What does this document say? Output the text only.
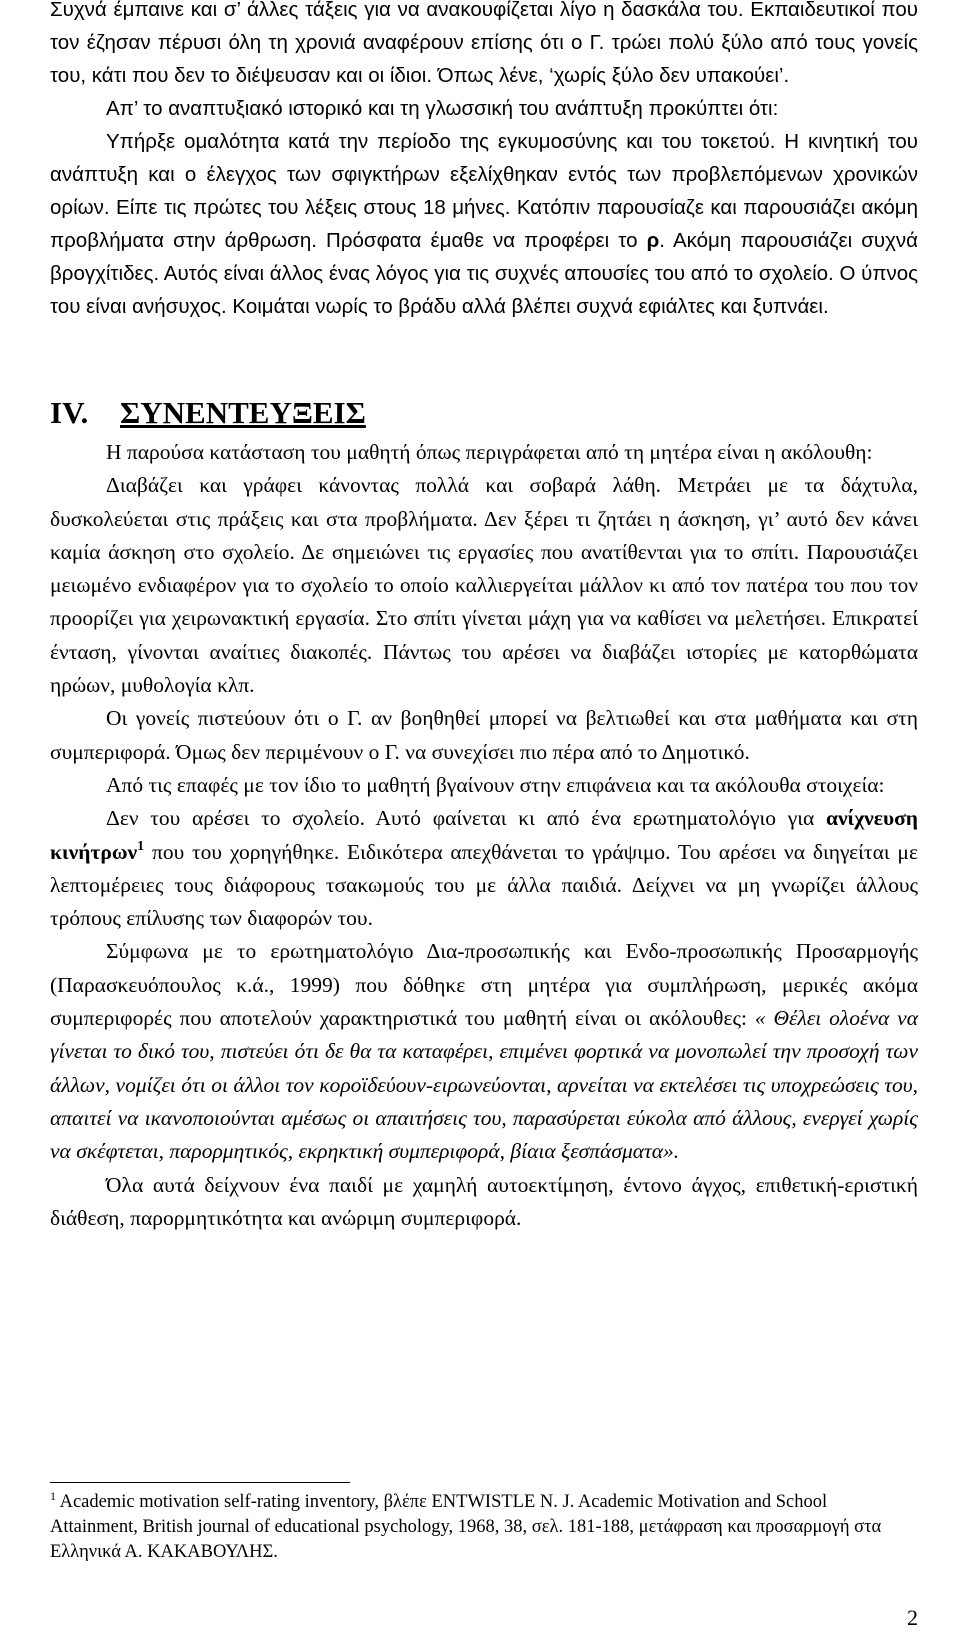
Συχνά έμπαινε και σ’ άλλες τάξεις για να ανακουφίζεται λίγο η δασκάλα του. Εκπαιδευτικοί που τον έζησαν πέρυσι όλη τη χρονιά αναφέρουν επίσης ότι ο Γ. τρώει πολύ ξύλο από τους γονείς του, κάτι που δεν το διέψευσαν και οι ίδιοι. Όπως λένε, ‘χωρίς ξύλο δεν υπακούει’.

Απ’ το αναπτυξιακό ιστορικό και τη γλωσσική του ανάπτυξη προκύπτει ότι:

Υπήρξε ομαλότητα κατά την περίοδο της εγκυμοσύνης και του τοκετού. Η κινητική του ανάπτυξη και ο έλεγχος των σφιγκτήρων εξελίχθηκαν εντός των προβλεπόμενων χρονικών ορίων. Είπε τις πρώτες του λέξεις στους 18 μήνες. Κατόπιν παρουσίαζε και παρουσιάζει ακόμη προβλήματα στην άρθρωση. Πρόσφατα έμαθε να προφέρει το ρ. Ακόμη παρουσιάζει συχνά βρογχίτιδες. Αυτός είναι άλλος ένας λόγος για τις συχνές απουσίες του από το σχολείο. Ο ύπνος του είναι ανήσυχος. Κοιμάται νωρίς το βράδυ αλλά βλέπει συχνά εφιάλτες και ξυπνάει.

IV. ΣΥΝΕΝΤΕΥΞΕΙΣ

Η παρούσα κατάσταση του μαθητή όπως περιγράφεται από τη μητέρα είναι η ακόλουθη:

Διαβάζει και γράφει κάνοντας πολλά και σοβαρά λάθη. Μετράει με τα δάχτυλα, δυσκολεύεται στις πράξεις και στα προβλήματα. Δεν ξέρει τι ζητάει η άσκηση, γι’ αυτό δεν κάνει καμία άσκηση στο σχολείο. Δε σημειώνει τις εργασίες που ανατίθενται για το σπίτι. Παρουσιάζει μειωμένο ενδιαφέρον για το σχολείο το οποίο καλλιεργείται μάλλον κι από τον πατέρα του που τον προορίζει για χειρωνακτική εργασία. Στο σπίτι γίνεται μάχη για να καθίσει να μελετήσει. Επικρατεί ένταση, γίνονται αναίτιες διακοπές. Πάντως του αρέσει να διαβάζει ιστορίες με κατορθώματα ηρώων, μυθολογία κλπ.

Οι γονείς πιστεύουν ότι ο Γ. αν βοηθηθεί μπορεί να βελτιωθεί και στα μαθήματα και στη συμπεριφορά. Όμως δεν περιμένουν ο Γ. να συνεχίσει πιο πέρα από το Δημοτικό.

Από τις επαφές με τον ίδιο το μαθητή βγαίνουν στην επιφάνεια και τα ακόλουθα στοιχεία:

Δεν του αρέσει το σχολείο. Αυτό φαίνεται κι από ένα ερωτηματολόγιο για ανίχνευση κινήτρων$^1$ που του χορηγήθηκε. Ειδικότερα απεχθάνεται το γράψιμο. Του αρέσει να διηγείται με λεπτομέρειες τους διάφορους τσακωμούς του με άλλα παιδιά. Δείχνει να μη γνωρίζει άλλους τρόπους επίλυσης των διαφορών του.

Σύμφωνα με το ερωτηματολόγιο Δια-προσωπικής και Ενδο-προσωπικής Προσαρμογής (Παρασκευόπουλος κ.ά., 1999) που δόθηκε στη μητέρα για συμπλήρωση, μερικές ακόμα συμπεριφορές που αποτελούν χαρακτηριστικά του μαθητή είναι οι ακόλουθες: « Θέλει ολοένα να γίνεται το δικό του, πιστεύει ότι δε θα τα καταφέρει, επιμένει φορτικά να μονοπωλεί την προσοχή των άλλων, νομίζει ότι οι άλλοι τον κοροϊδεύουν-ειρωνεύονται, αρνείται να εκτελέσει τις υποχρεώσεις του, απαιτεί να ικανοποιούνται αμέσως οι απαιτήσεις του, παρασύρεται εύκολα από άλλους, ενεργεί χωρίς να σκέφτεται, παρορμητικός, εκρηκτική συμπεριφορά, βίαια ξεσπάσματα».

Όλα αυτά δείχνουν ένα παιδί με χαμηλή αυτοεκτίμηση, έντονο άγχος, επιθετική-εριστική διάθεση, παρορμητικότητα και ανώριμη συμπεριφορά.

$^1$ Academic motivation self-rating inventory, βλέπε ENTWISTLE N. J. Academic Motivation and School Attainment, British journal of educational psychology, 1968, 38, σελ. 181-188, μετάφραση και προσαρμογή στα Ελληνικά Α. ΚΑΚΑΒΟΥΛΗΣ.
2
